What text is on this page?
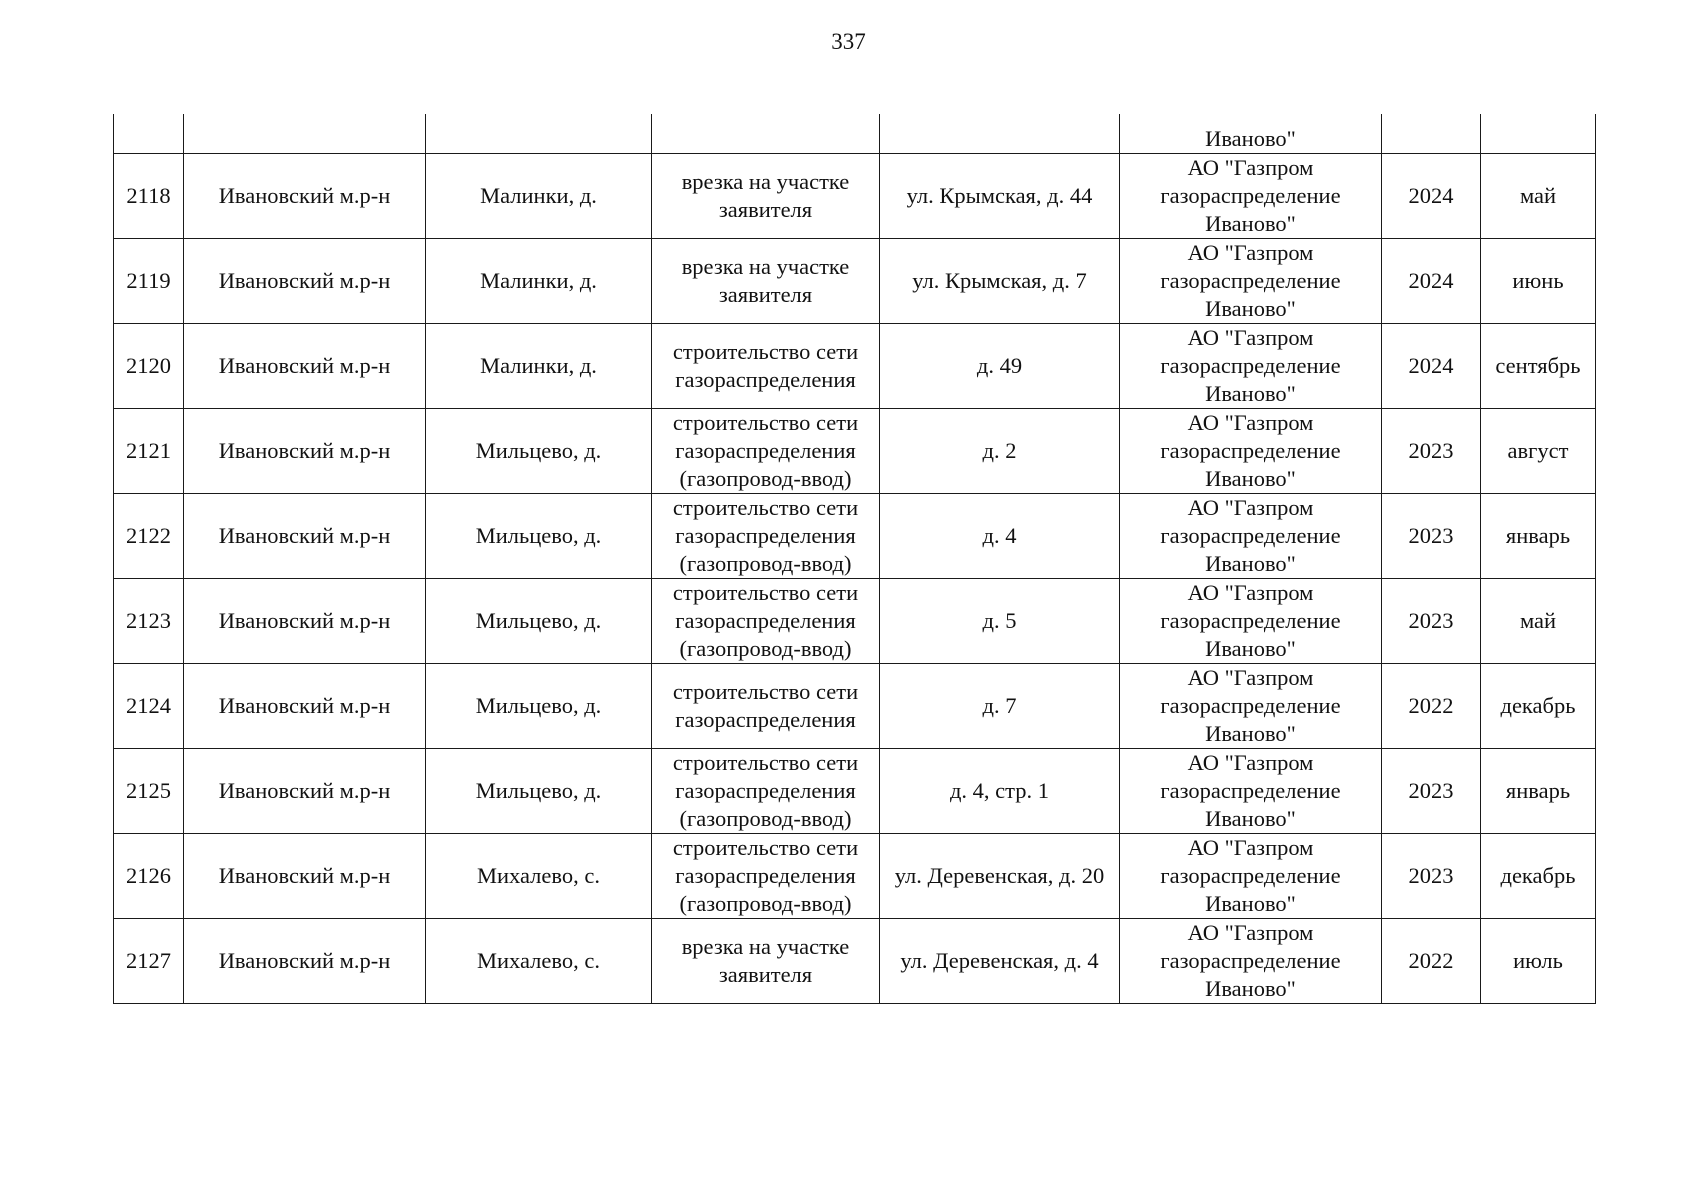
337
					Иваново"		
2118	Ивановский м.р-н	Малинки, д.	врезка на участке заявителя	ул. Крымская, д. 44	АО "Газпром газораспределение Иваново"	2024	май
2119	Ивановский м.р-н	Малинки, д.	врезка на участке заявителя	ул. Крымская, д. 7	АО "Газпром газораспределение Иваново"	2024	июнь
2120	Ивановский м.р-н	Малинки, д.	строительство сети газораспределения	д. 49	АО "Газпром газораспределение Иваново"	2024	сентябрь
2121	Ивановский м.р-н	Мильцево, д.	строительство сети газораспределения (газопровод-ввод)	д. 2	АО "Газпром газораспределение Иваново"	2023	август
2122	Ивановский м.р-н	Мильцево, д.	строительство сети газораспределения (газопровод-ввод)	д. 4	АО "Газпром газораспределение Иваново"	2023	январь
2123	Ивановский м.р-н	Мильцево, д.	строительство сети газораспределения (газопровод-ввод)	д. 5	АО "Газпром газораспределение Иваново"	2023	май
2124	Ивановский м.р-н	Мильцево, д.	строительство сети газораспределения	д. 7	АО "Газпром газораспределение Иваново"	2022	декабрь
2125	Ивановский м.р-н	Мильцево, д.	строительство сети газораспределения (газопровод-ввод)	д. 4, стр. 1	АО "Газпром газораспределение Иваново"	2023	январь
2126	Ивановский м.р-н	Михалево, с.	строительство сети газораспределения (газопровод-ввод)	ул. Деревенская, д. 20	АО "Газпром газораспределение Иваново"	2023	декабрь
2127	Ивановский м.р-н	Михалево, с.	врезка на участке заявителя	ул. Деревенская, д. 4	АО "Газпром газораспределение Иваново"	2022	июль
